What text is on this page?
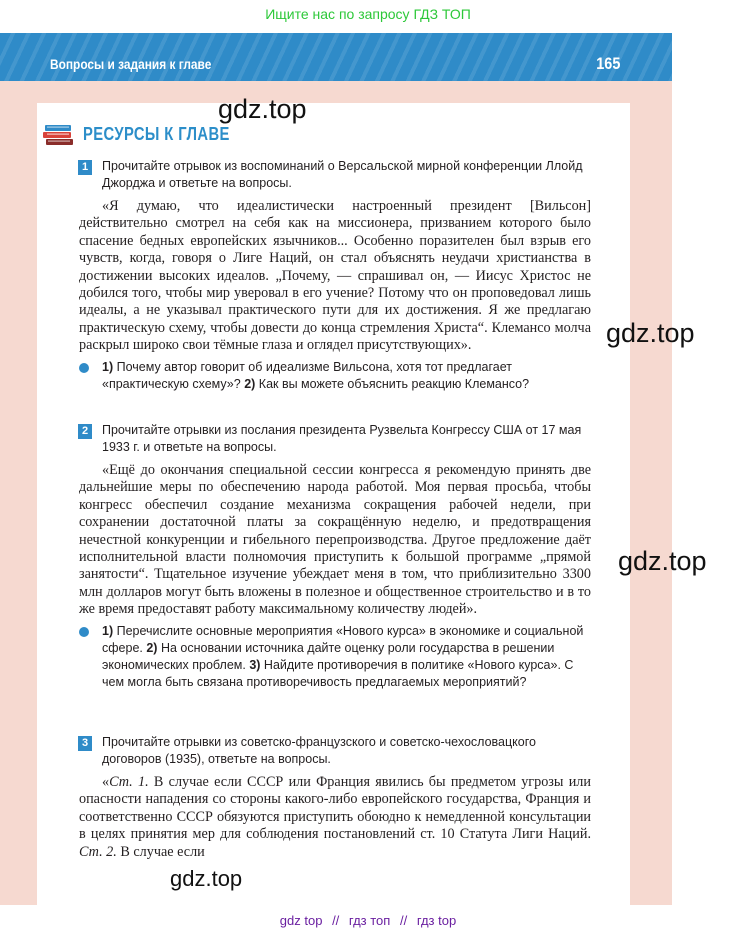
Ищите нас по запросу ГДЗ ТОП
Вопросы и задания к главе	165
РЕСУРСЫ К ГЛАВЕ
1	Прочитайте отрывок из воспоминаний о Версальской мирной конференции Ллойд Джорджа и ответьте на вопросы.
«Я думаю, что идеалистически настроенный президент [Вильсон] действительно смотрел на себя как на миссионера, призванием которого было спасение бедных европейских язычников... Особенно поразителен был взрыв его чувств, когда, говоря о Лиге Наций, он стал объяснять неудачи христианства в достижении высоких идеалов. „Почему, — спрашивал он, — Иисус Христос не добился того, чтобы мир уверовал в его учение? Потому что он проповедовал лишь идеалы, а не указывал практического пути для их достижения. Я же предлагаю практическую схему, чтобы довести до конца стремления Христа“. Клемансо молча раскрыл широко свои тёмные глаза и оглядел присутствующих».
1) Почему автор говорит об идеализме Вильсона, хотя тот предлагает «практическую схему»? 2) Как вы можете объяснить реакцию Клемансо?
2	Прочитайте отрывки из послания президента Рузвельта Конгрессу США от 17 мая 1933 г. и ответьте на вопросы.
«Ещё до окончания специальной сессии конгресса я рекомендую принять две дальнейшие меры по обеспечению народа работой. Моя первая просьба, чтобы конгресс обеспечил создание механизма сокращения рабочей недели, при сохранении достаточной платы за сокращённую неделю, и предотвращения нечестной конкуренции и гибельного перепроизводства. Другое предложение даёт исполнительной власти полномочия приступить к большой программе „прямой занятости“. Тщательное изучение убеждает меня в том, что приблизительно 3300 млн долларов могут быть вложены в полезное и общественное строительство и в то же время предоставят работу максимальному количеству людей».
1) Перечислите основные мероприятия «Нового курса» в экономике и социальной сфере. 2) На основании источника дайте оценку роли государства в решении экономических проблем. 3) Найдите противоречия в политике «Нового курса». С чем могла быть связана противоречивость предлагаемых мероприятий?
3	Прочитайте отрывки из советско-французского и советско-чехословацкого договоров (1935), ответьте на вопросы.
«Ст. 1. В случае если СССР или Франция явились бы предметом угрозы или опасности нападения со стороны какого-либо европейского государства, Франция и соответственно СССР обязуются приступить обоюдно к немедленной консультации в целях принятия мер для соблюдения постановлений ст. 10 Статута Лиги Наций. Ст. 2. В случае если
gdz.top
gdz.top
gdz.top
gdz.top
gdz top // гдз топ // гдз top
